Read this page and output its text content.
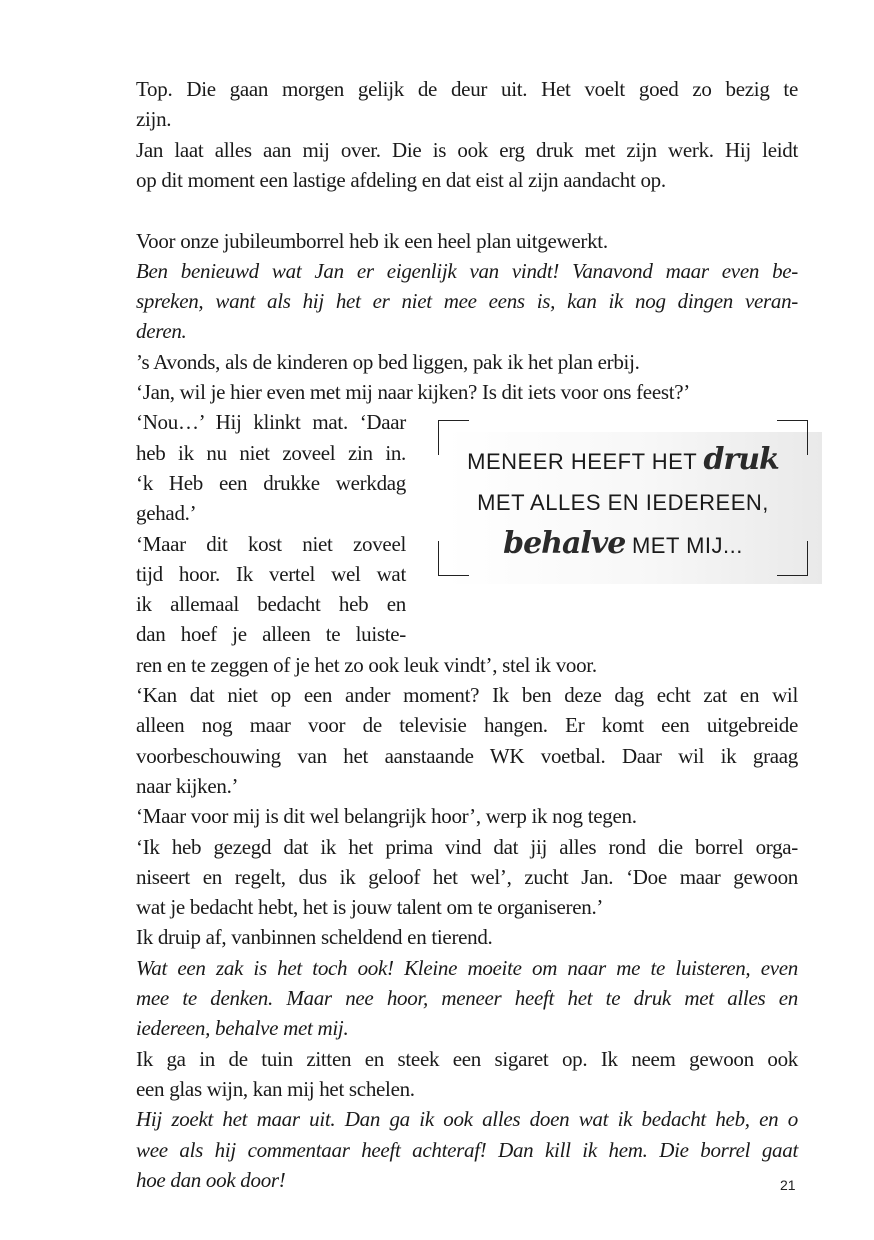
Top. Die gaan morgen gelijk de deur uit. Het voelt goed zo bezig te
zijn.
Jan laat alles aan mij over. Die is ook erg druk met zijn werk. Hij leidt
op dit moment een lastige afdeling en dat eist al zijn aandacht op.
Voor onze jubileumborrel heb ik een heel plan uitgewerkt.
Ben benieuwd wat Jan er eigenlijk van vindt! Vanavond maar even be-
spreken, want als hij het er niet mee eens is, kan ik nog dingen veran-
deren.
’s Avonds, als de kinderen op bed liggen, pak ik het plan erbij.
‘Jan, wil je hier even met mij naar kijken? Is dit iets voor ons feest?’
‘Nou…’ Hij klinkt mat. ‘Daar
heb ik nu niet zoveel zin in.
‘k Heb een drukke werkdag
gehad.’
‘Maar dit kost niet zoveel
tijd hoor. Ik vertel wel wat
ik allemaal bedacht heb en
dan hoef je alleen te luiste-
ren en te zeggen of je het zo ook leuk vindt’, stel ik voor.
‘Kan dat niet op een ander moment? Ik ben deze dag echt zat en wil
alleen nog maar voor de televisie hangen. Er komt een uitgebreide
voorbeschouwing van het aanstaande WK voetbal. Daar wil ik graag
naar kijken.’
‘Maar voor mij is dit wel belangrijk hoor’, werp ik nog tegen.
‘Ik heb gezegd dat ik het prima vind dat jij alles rond die borrel orga-
niseert en regelt, dus ik geloof het wel’, zucht Jan. ‘Doe maar gewoon
wat je bedacht hebt, het is jouw talent om te organiseren.’
Ik druip af, vanbinnen scheldend en tierend.
Wat een zak is het toch ook! Kleine moeite om naar me te luisteren, even
mee te denken. Maar nee hoor, meneer heeft het te druk met alles en
iedereen, behalve met mij.
Ik ga in de tuin zitten en steek een sigaret op. Ik neem gewoon ook
een glas wijn, kan mij het schelen.
Hij zoekt het maar uit. Dan ga ik ook alles doen wat ik bedacht heb, en o
wee als hij commentaar heeft achteraf! Dan kill ik hem. Die borrel gaat
hoe dan ook door!
MENEER HEEFT HET druk
MET ALLES EN IEDEREEN,
behalve MET MIJ...
21
